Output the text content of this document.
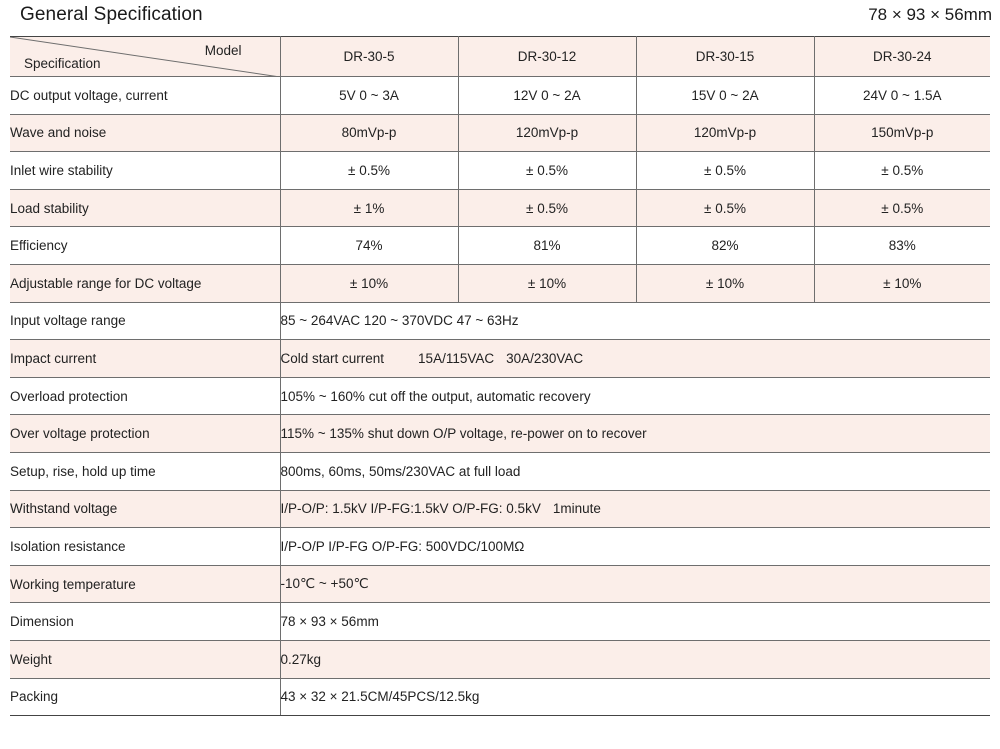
General Specification	78 × 93 × 56mm
Model
Specification	DR-30-5	DR-30-12	DR-30-15	DR-30-24
DC output voltage, current	5V 0 ~ 3A	12V 0 ~ 2A	15V 0 ~ 2A	24V 0 ~ 1.5A
Wave and noise	80mVp-p	120mVp-p	120mVp-p	150mVp-p
Inlet wire stability	± 0.5%	± 0.5%	± 0.5%	± 0.5%
Load stability	± 1%	± 0.5%	± 0.5%	± 0.5%
Efficiency	74%	81%	82%	83%
Adjustable range for DC voltage	± 10%	± 10%	± 10%	± 10%
Input voltage range	85 ~ 264VAC 120 ~ 370VDC 47 ~ 63Hz			
Impact current	Cold start current 15A/115VAC 30A/230VAC			
Overload protection	105% ~ 160% cut off the output, automatic recovery			
Over voltage protection	115% ~ 135% shut down O/P voltage, re-power on to recover			
Setup, rise, hold up time	800ms, 60ms, 50ms/230VAC at full load			
Withstand voltage	I/P-O/P: 1.5kV I/P-FG:1.5kV O/P-FG: 0.5kV 1minute			
Isolation resistance	I/P-O/P I/P-FG O/P-FG: 500VDC/100MΩ			
Working temperature	-10℃ ~ +50℃			
Dimension	78 × 93 × 56mm			
Weight	0.27kg			
Packing	43 × 32 × 21.5CM/45PCS/12.5kg			
